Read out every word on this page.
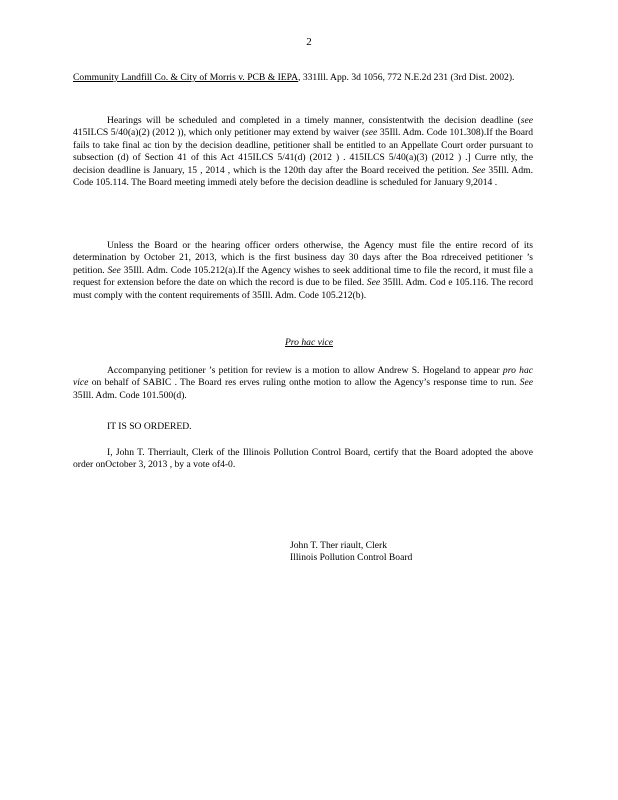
2

Community Landfill Co. & City of Morris v. PCB & IEPA, 331Ill. App. 3d 1056, 772 N.E.2d 231 (3rd Dist. 2002).

Hearings will be scheduled and completed in a timely manner, consistentwith the decision deadline (see 415ILCS 5/40(a)(2) (2012 )), which only petitioner may extend by waiver (see 35Ill. Adm. Code 101.308).If the Board fails to take final ac tion by the decision deadline, petitioner shall be entitled to an Appellate Court order pursuant to subsection (d) of Section 41 of this Act 415ILCS 5/41(d) (2012 ) . 415ILCS 5/40(a)(3) (2012 ) .] Curre ntly, the decision deadline is January, 15 , 2014 , which is the 120th day after the Board received the petition. See 35Ill. Adm. Code 105.114. The Board meeting immedi ately before the decision deadline is scheduled for January 9,2014 .

Unless the Board or the hearing officer orders otherwise, the Agency must file the entire record of its determination by October 21, 2013, which is the first business day 30 days after the Boa rdreceived petitioner ’s petition. See 35Ill. Adm. Code 105.212(a).If the Agency wishes to seek additional time to file the record, it must file a request for extension before the date on which the record is due to be filed. See 35Ill. Adm. Cod e 105.116. The record must comply with the content requirements of 35Ill. Adm. Code 105.212(b).

Pro hac vice

Accompanying petitioner ’s petition for review is a motion to allow Andrew S. Hogeland to appear pro hac vice on behalf of SABIC . The Board res erves ruling onthe motion to allow the Agency’s response time to run. See 35Ill. Adm. Code 101.500(d).

IT IS SO ORDERED.

I, John T. Therriault, Clerk of the Illinois Pollution Control Board, certify that the Board adopted the above order onOctober 3, 2013 , by a vote of4-0.

John T. Ther riault, Clerk
Illinois Pollution Control Board
